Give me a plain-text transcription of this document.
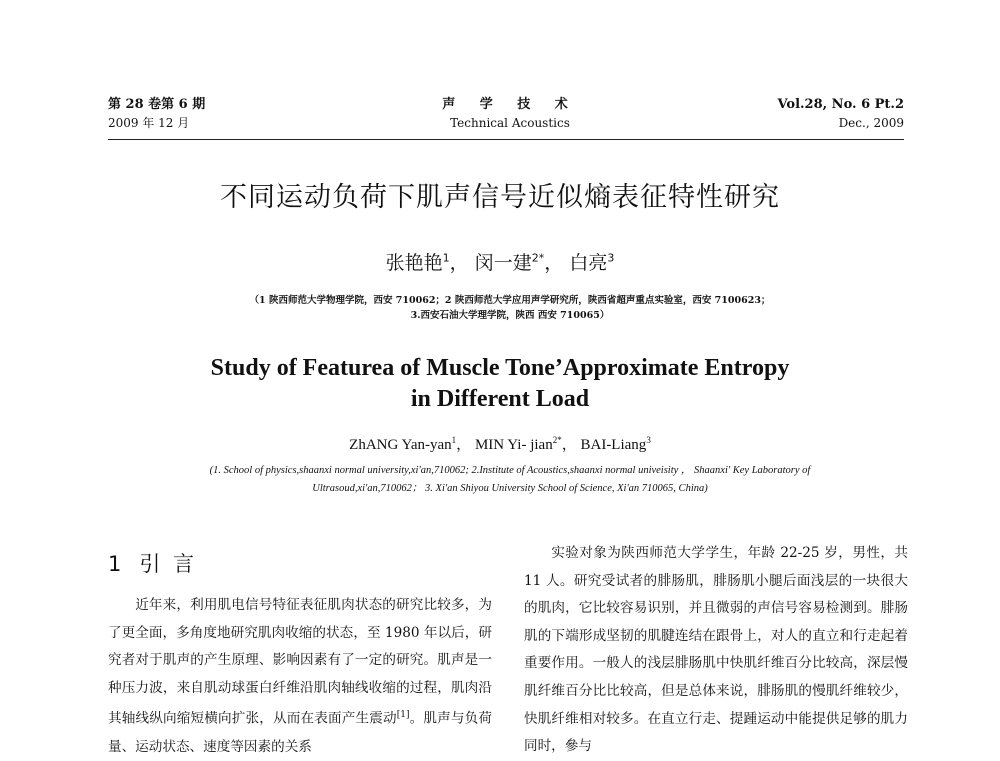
第 28 卷第 6 期
2009 年 12 月
声 学 技 术
Technical Acoustics
Vol.28, No. 6 Pt.2
Dec., 2009
不同运动负荷下肌声信号近似熵表征特性研究
张艳艳$^1$， 闵一建$^{2*}$， 白亮$^3$
（1 陕西师范大学物理学院，西安 710062；2 陕西师范大学应用声学研究所，陕西省超声重点实验室，西安 7100623；
3.西安石油大学理学院，陕西 西安 710065）
Study of Featurea of Muscle Tone’Approximate Entropy
in Different Load
ZhANG Yan-yan$^1$， MIN Yi- jian$^{2*}$， BAI-Liang$^3$
(1. School of physics,shaanxi normal university,xi'an,710062; 2.Institute of Acoustics,shaanxi normal univeisity ， Shaanxi' Key Laboratory of
Ultrasoud,xi'an,710062； 3. Xi'an Shiyou University School of Science, Xi'an 710065, China)
1 引 言

近年来，利用肌电信号特征表征肌肉状态的研究比较多，为了更全面，多角度地研究肌肉收缩的状态，至 1980 年以后，研究者对于肌声的产生原理、影响因素有了一定的研究。肌声是一种压力波，来自肌动球蛋白纤维沿肌肉轴线收缩的过程，肌肉沿其轴线纵向缩短横向扩张，从而在表面产生震动[1]。肌声与负荷量、运动状态、速度等因素的关系

实验对象为陕西师范大学学生，年龄 22-25 岁，男性，共 11 人。研究受试者的腓肠肌，腓肠肌小腿后面浅层的一块很大的肌肉，它比较容易识别，并且微弱的声信号容易检测到。腓肠肌的下端形成坚韧的肌腱连结在跟骨上，对人的直立和行走起着重要作用。一般人的浅层腓肠肌中快肌纤维百分比较高，深层慢肌纤维百分比比较高，但是总体来说，腓肠肌的慢肌纤维较少，快肌纤维相对较多。在直立行走、提踵运动中能提供足够的肌力同时，參与
